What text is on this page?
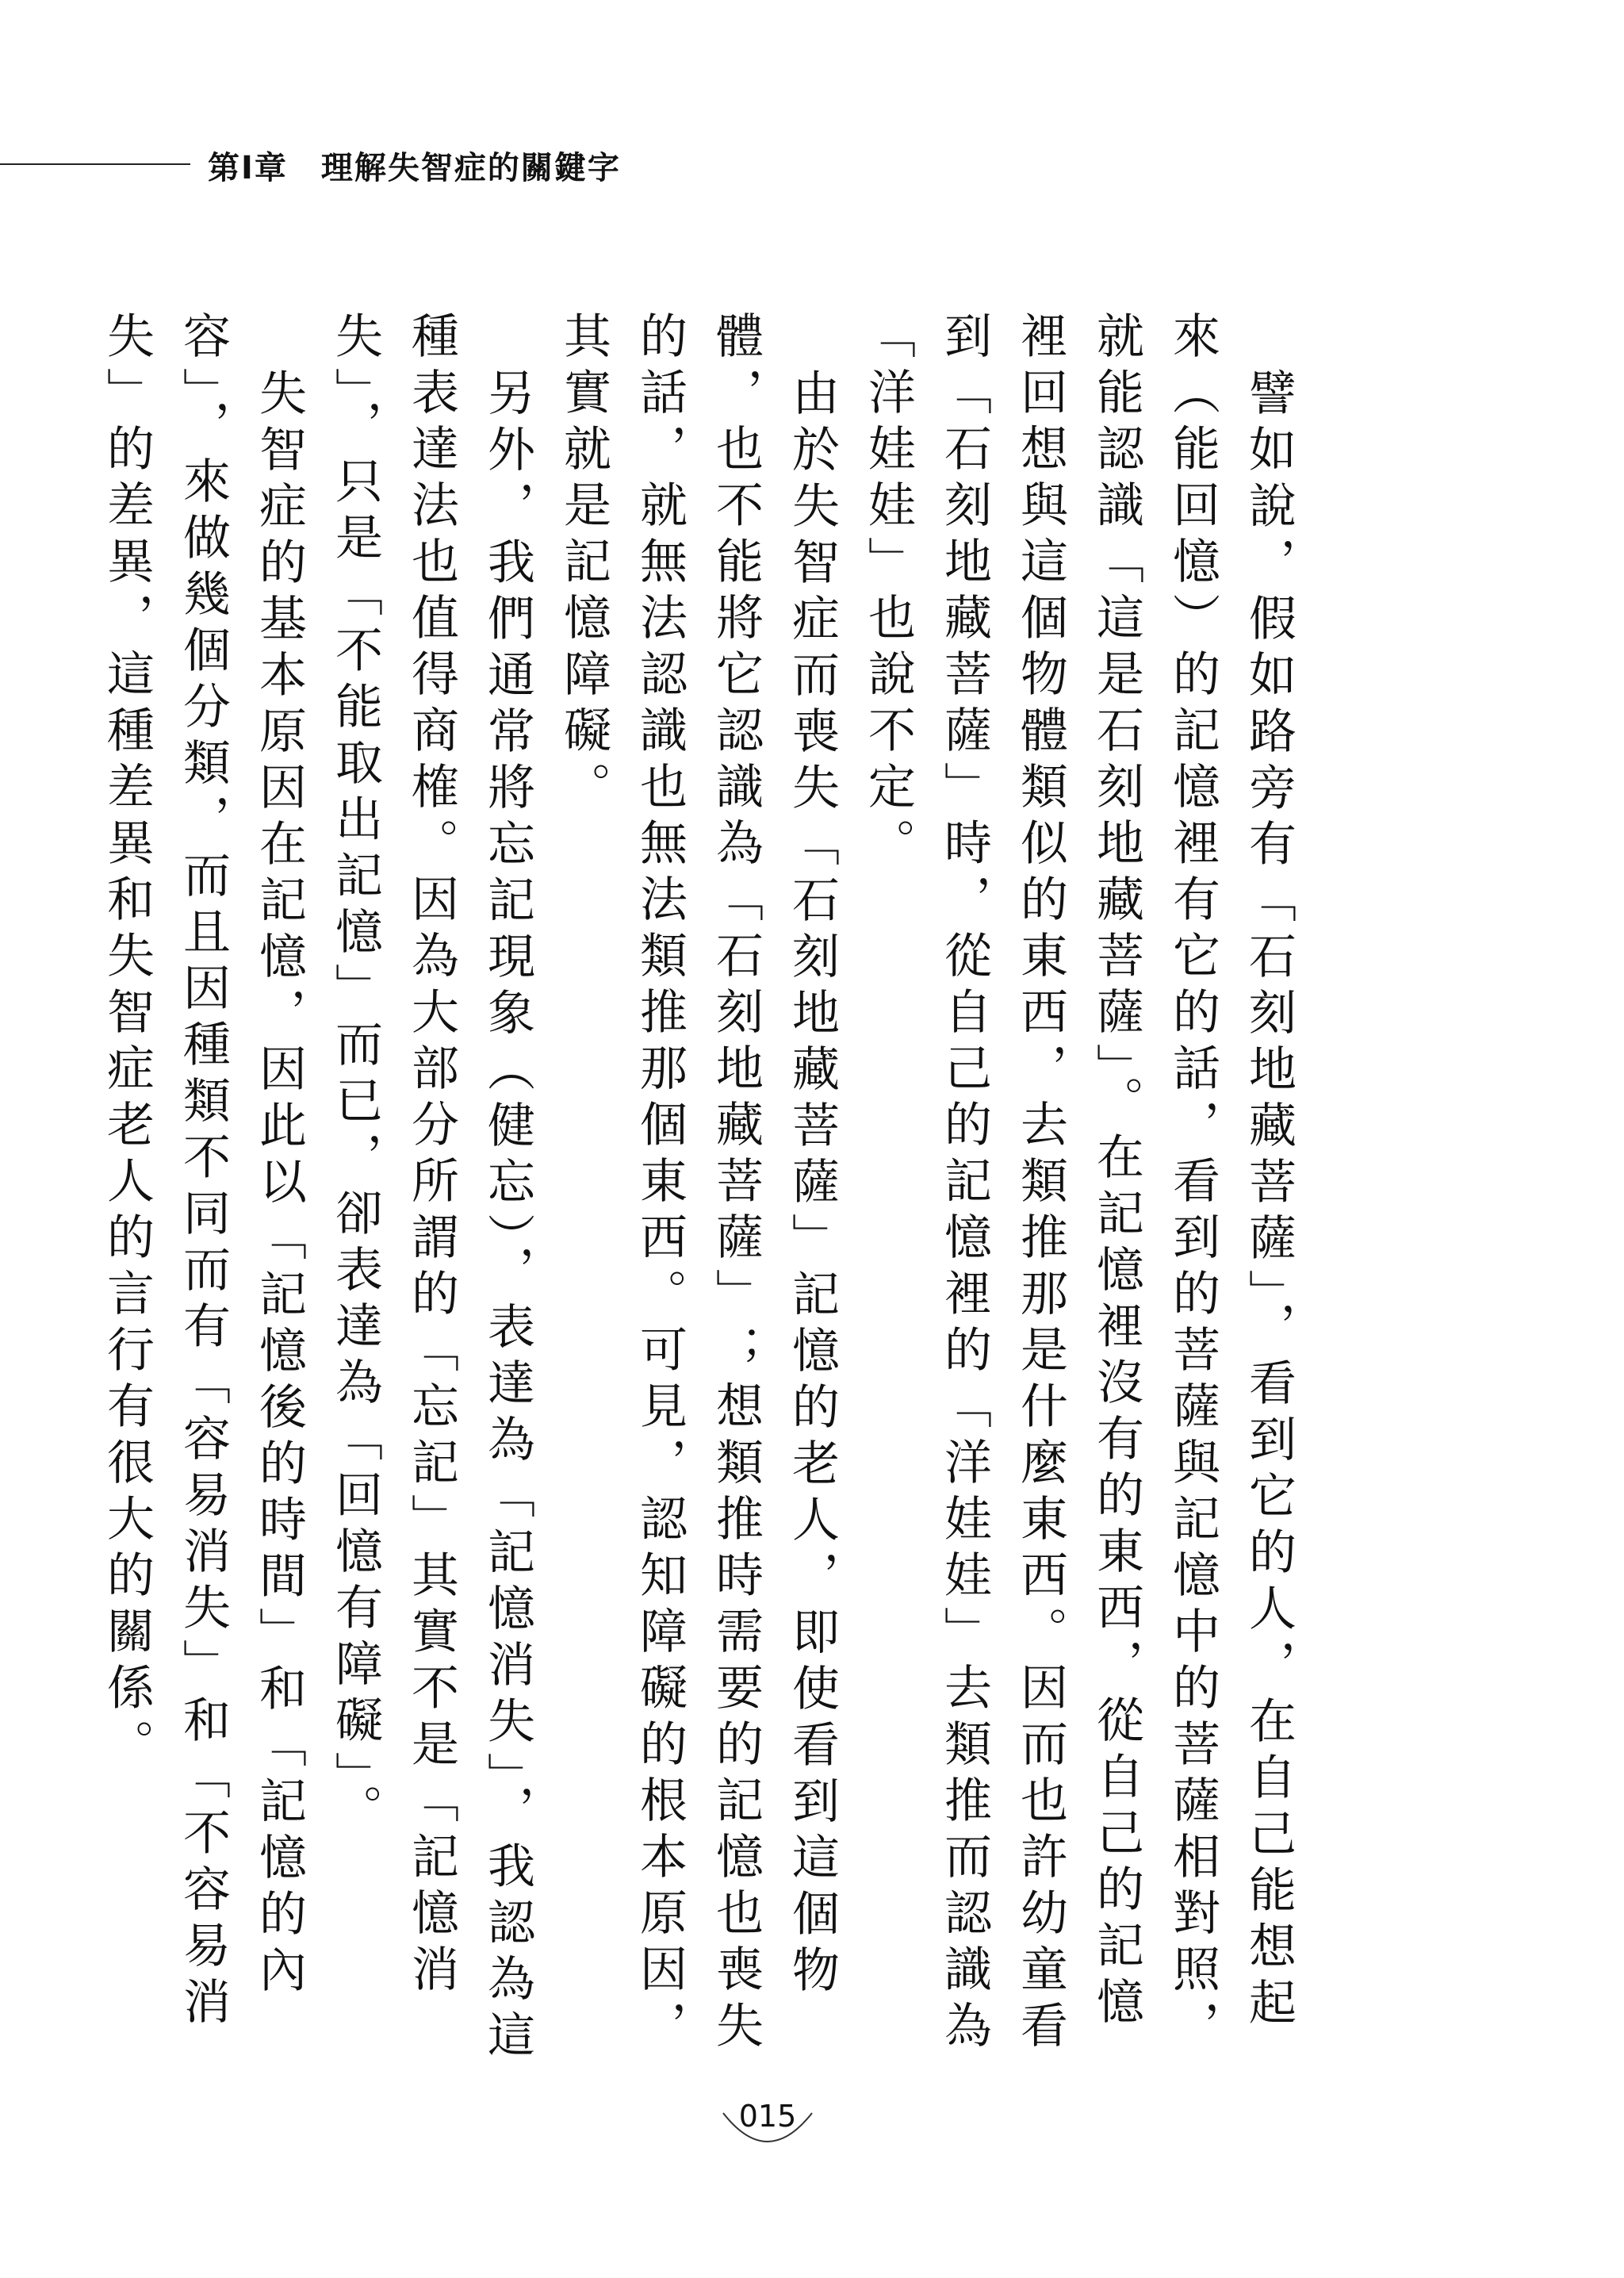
第Ⅰ章　 理解失智症的關鍵字

譬如說，假如路旁有「石刻地藏菩薩」，看到它的人，在自己能想起來（能回憶）的記憶裡有它的話，看到的菩薩與記憶中的菩薩相對照，就能認識「這是石刻地藏菩薩」。在記憶裡沒有的東西，從自己的記憶裡回想與這個物體類似的東西，去類推那是什麼東西。因而也許幼童看到「石刻地藏菩薩」時，從自己的記憶裡的「洋娃娃」去類推而認識為「洋娃娃」也說不定。

由於失智症而喪失「石刻地藏菩薩」記憶的老人，即使看到這個物體，也不能將它認識為「石刻地藏菩薩」；想類推時需要的記憶也喪失的話，就無法認識也無法類推那個東西。可見，認知障礙的根本原因，其實就是記憶障礙。

另外，我們通常將忘記現象（健忘），表達為「記憶消失」，我認為這種表達法也值得商榷。因為大部分所謂的「忘記」其實不是「記憶消失」，只是「不能取出記憶」而已，卻表達為「回憶有障礙」。

失智症的基本原因在記憶，因此以「記憶後的時間」和「記憶的內容」，來做幾個分類，而且因種類不同而有「容易消失」和「不容易消失」的差異，這種差異和失智症老人的言行有很大的關係。

015
